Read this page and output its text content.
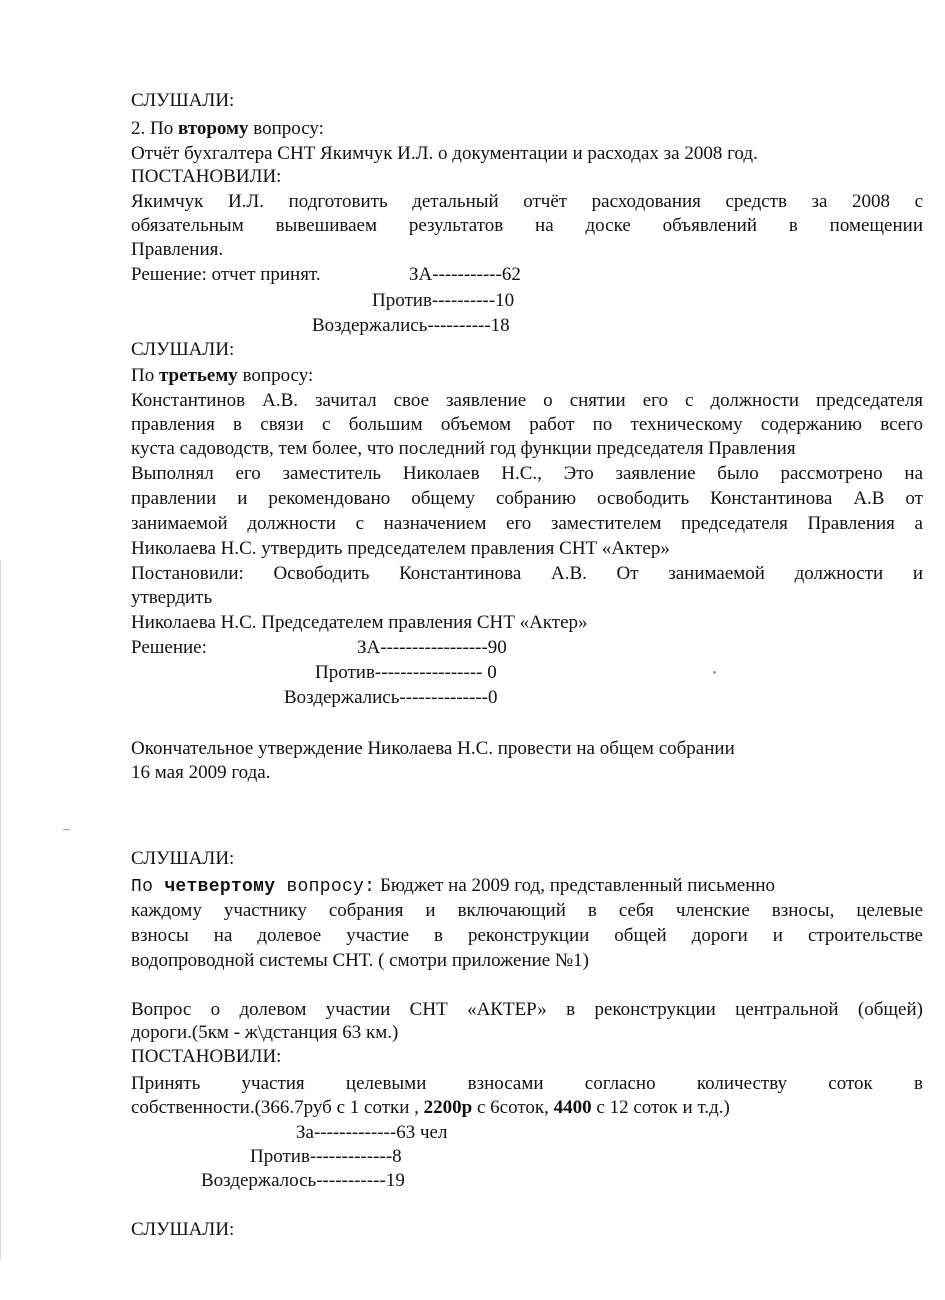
СЛУШАЛИ:

2. По второму вопросу:

Отчёт бухгалтера СНТ Якимчук И.Л. о документации и расходах за 2008 год.

ПОСТАНОВИЛИ:

Якимчук И.Л. подготовить детальный отчёт расходования средств за 2008 с

обязательным вывешиваем результатов на доске объявлений в помещении

Правления.

Решение: отчет принят.	ЗА-----------62

Против----------10

Воздержались----------18

СЛУШАЛИ:

По третьему вопросу:

Константинов А.В. зачитал свое заявление о снятии его с должности председателя

правления в связи с большим объемом работ по техническому содержанию всего

куста садоводств, тем более, что последний год функции председателя Правления

Выполнял его заместитель Николаев Н.С., Это заявление было рассмотрено на

правлении и рекомендовано общему собранию освободить Константинова А.В от

занимаемой должности с назначением его заместителем председателя Правления а

Николаева Н.С. утвердить председателем правления СНТ «Актер»

Постановили: Освободить Константинова А.В. От занимаемой должности и

утвердить

Николаева Н.С. Председателем правления СНТ «Актер»

Решение:	ЗА-----------------90

Против----------------- 0

Воздержались--------------0

Окончательное утверждение Николаева Н.С. провести на общем собрании

16 мая 2009 года.

СЛУШАЛИ:

По четвертому вопросу: Бюджет на 2009 год, представленный письменно

каждому участнику собрания и включающий в себя членские взносы, целевые

взносы на долевое участие в реконструкции общей дороги и строительстве

водопроводной системы СНТ. ( смотри приложение №1)

Вопрос о долевом участии СНТ «АКТЕР» в реконструкции центральной (общей)

дороги.(5км - ж\дстанция 63 км.)

ПОСТАНОВИЛИ:

Принять участия целевыми взносами согласно количеству соток в

собственности.(366.7руб с 1 сотки , 2200р с 6соток, 4400 с 12 соток и т.д.)

За-------------63 чел

Против-------------8

Воздержалось-----------19

СЛУШАЛИ:
